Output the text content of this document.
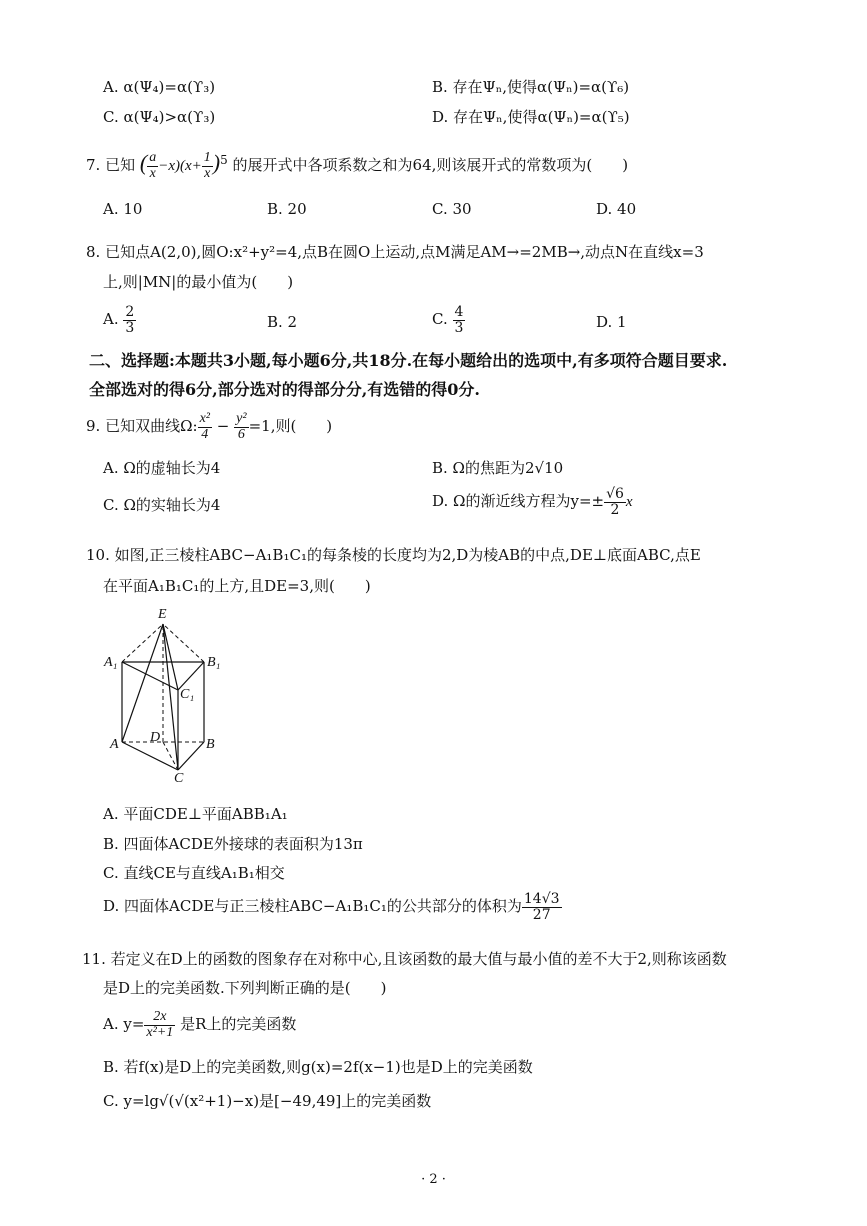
A. α(Ψ₄)=α(ϒ₃)	B. 存在Ψₙ,使得α(Ψₙ)=α(ϒ₆)
C. α(Ψ₄)>α(ϒ₃)	D. 存在Ψₙ,使得α(Ψₙ)=α(ϒ₅)
7. 已知 ( $\frac{a}{x} -x)(x+ \frac{1}{x} )^5$ 的展开式中各项系数之和为64,则该展开式的常数项为(　　)
A. 10	B. 20	C. 30	D. 40
8. 已知点A(2,0),圆O:x²+y²=4,点B在圆O上运动,点M满足AM→=2MB→,动点N在直线x=3
上,则|MN|的最小值为(　　)
A. $\frac{2}{3}$	B. 2	C. $\frac{4}{3}$	D. 1
二、选择题:本题共3小题,每小题6分,共18分.在每小题给出的选项中,有多项符合题目要求.
全部选对的得6分,部分选对的得部分分,有选错的得0分.
9. 已知双曲线Ω: $\frac{\text{x²}}{4} - \frac{\text{y²}}{6} =1$,则(　　)
A. Ω的虚轴长为4	B. Ω的焦距为2√10
C. Ω的实轴长为4	D. Ω的渐近线方程为$y=\pm \frac{√6}{2}$ x
10. 如图,正三棱柱ABC−A₁B₁C₁的每条棱的长度均为2,D为棱AB的中点,DE⊥底面ABC,点E
在平面A₁B₁C₁的上方,且DE=3,则(　　)
E
A₁	B₁
C₁
A	B
C
D
A. 平面CDE⊥平面ABB₁A₁
B. 四面体ACDE外接球的表面积为13π
C. 直线CE与直线A₁B₁相交
D. 四面体ACDE与正三棱柱ABC−A₁B₁C₁的公共部分的体积为 $\frac{14√3}{27}$
11. 若定义在D上的函数的图象存在对称中心,且该函数的最大值与最小值的差不大于2,则称该函数
是D上的完美函数.下列判断正确的是(　　)
A. $y= \frac{2x}{\text{x²+1}}$ 是R上的完美函数
B. 若f(x)是D上的完美函数,则g(x)=2f(x−1)也是D上的完美函数
C. y=lg√(√(x²+1)−x)是[−49,49]上的完美函数
· 2 ·
